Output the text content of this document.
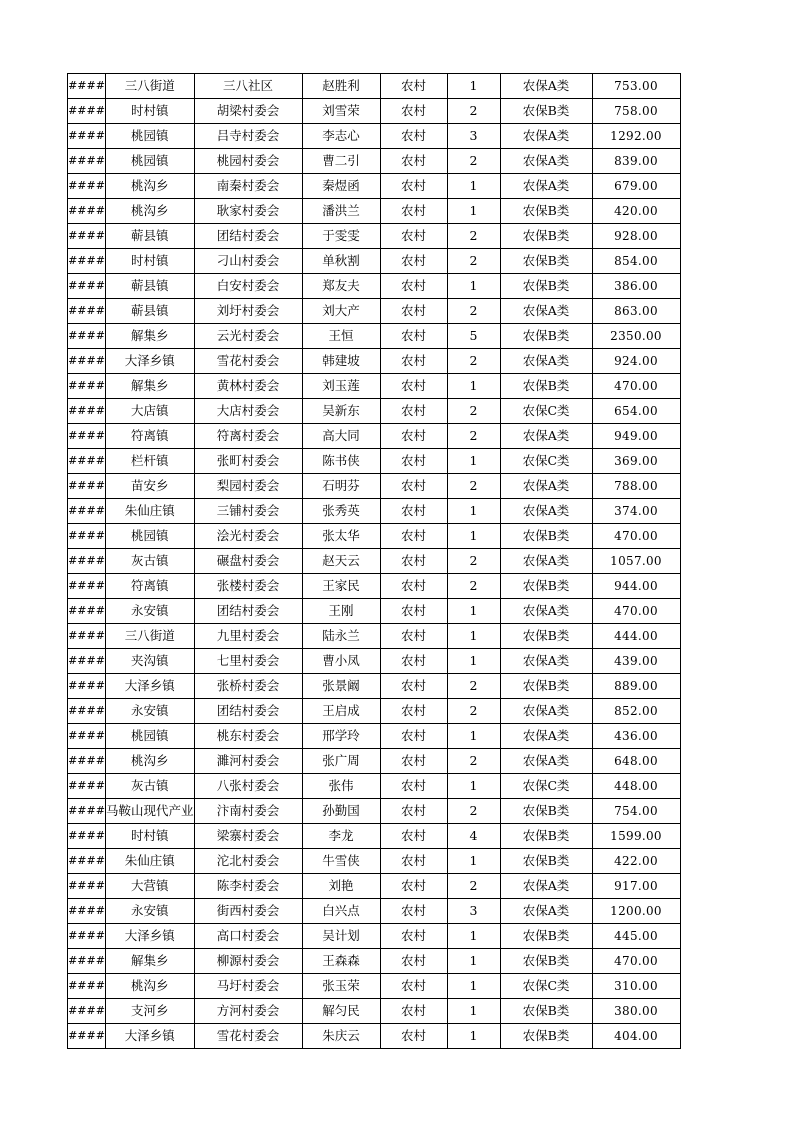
####	三八街道	三八社区	赵胜利	农村	1	农保A类	753.00
####	时村镇	胡梁村委会	刘雪荣	农村	2	农保B类	758.00
####	桃园镇	吕寺村委会	李志心	农村	3	农保A类	1292.00
####	桃园镇	桃园村委会	曹二引	农村	2	农保A类	839.00
####	桃沟乡	南秦村委会	秦煜函	农村	1	农保A类	679.00
####	桃沟乡	耿家村委会	潘洪兰	农村	1	农保B类	420.00
####	蕲县镇	团结村委会	于雯雯	农村	2	农保B类	928.00
####	时村镇	刁山村委会	单秋割	农村	2	农保B类	854.00
####	蕲县镇	白安村委会	郑友夫	农村	1	农保B类	386.00
####	蕲县镇	刘圩村委会	刘大产	农村	2	农保A类	863.00
####	解集乡	云光村委会	王恒	农村	5	农保B类	2350.00
####	大泽乡镇	雪花村委会	韩建坡	农村	2	农保A类	924.00
####	解集乡	黄林村委会	刘玉莲	农村	1	农保B类	470.00
####	大店镇	大店村委会	吴新东	农村	2	农保C类	654.00
####	符离镇	符离村委会	高大同	农村	2	农保A类	949.00
####	栏杆镇	张町村委会	陈书侠	农村	1	农保C类	369.00
####	苗安乡	梨园村委会	石明芬	农村	2	农保A类	788.00
####	朱仙庄镇	三铺村委会	张秀英	农村	1	农保A类	374.00
####	桃园镇	浍光村委会	张太华	农村	1	农保B类	470.00
####	灰古镇	碾盘村委会	赵天云	农村	2	农保A类	1057.00
####	符离镇	张楼村委会	王家民	农村	2	农保B类	944.00
####	永安镇	团结村委会	王刚	农村	1	农保A类	470.00
####	三八街道	九里村委会	陆永兰	农村	1	农保B类	444.00
####	夹沟镇	七里村委会	曹小凤	农村	1	农保A类	439.00
####	大泽乡镇	张桥村委会	张景阚	农村	2	农保B类	889.00
####	永安镇	团结村委会	王启成	农村	2	农保A类	852.00
####	桃园镇	桃东村委会	邢学玲	农村	1	农保A类	436.00
####	桃沟乡	濉河村委会	张广周	农村	2	农保A类	648.00
####	灰古镇	八张村委会	张伟	农村	1	农保C类	448.00
####	马鞍山现代产业	汴南村委会	孙勤国	农村	2	农保B类	754.00
####	时村镇	梁寨村委会	李龙	农村	4	农保B类	1599.00
####	朱仙庄镇	沱北村委会	牛雪侠	农村	1	农保B类	422.00
####	大营镇	陈李村委会	刘艳	农村	2	农保A类	917.00
####	永安镇	街西村委会	白兴点	农村	3	农保A类	1200.00
####	大泽乡镇	高口村委会	吴计划	农村	1	农保B类	445.00
####	解集乡	柳源村委会	王森森	农村	1	农保B类	470.00
####	桃沟乡	马圩村委会	张玉荣	农村	1	农保C类	310.00
####	支河乡	方河村委会	解匀民	农村	1	农保B类	380.00
####	大泽乡镇	雪花村委会	朱庆云	农村	1	农保B类	404.00
